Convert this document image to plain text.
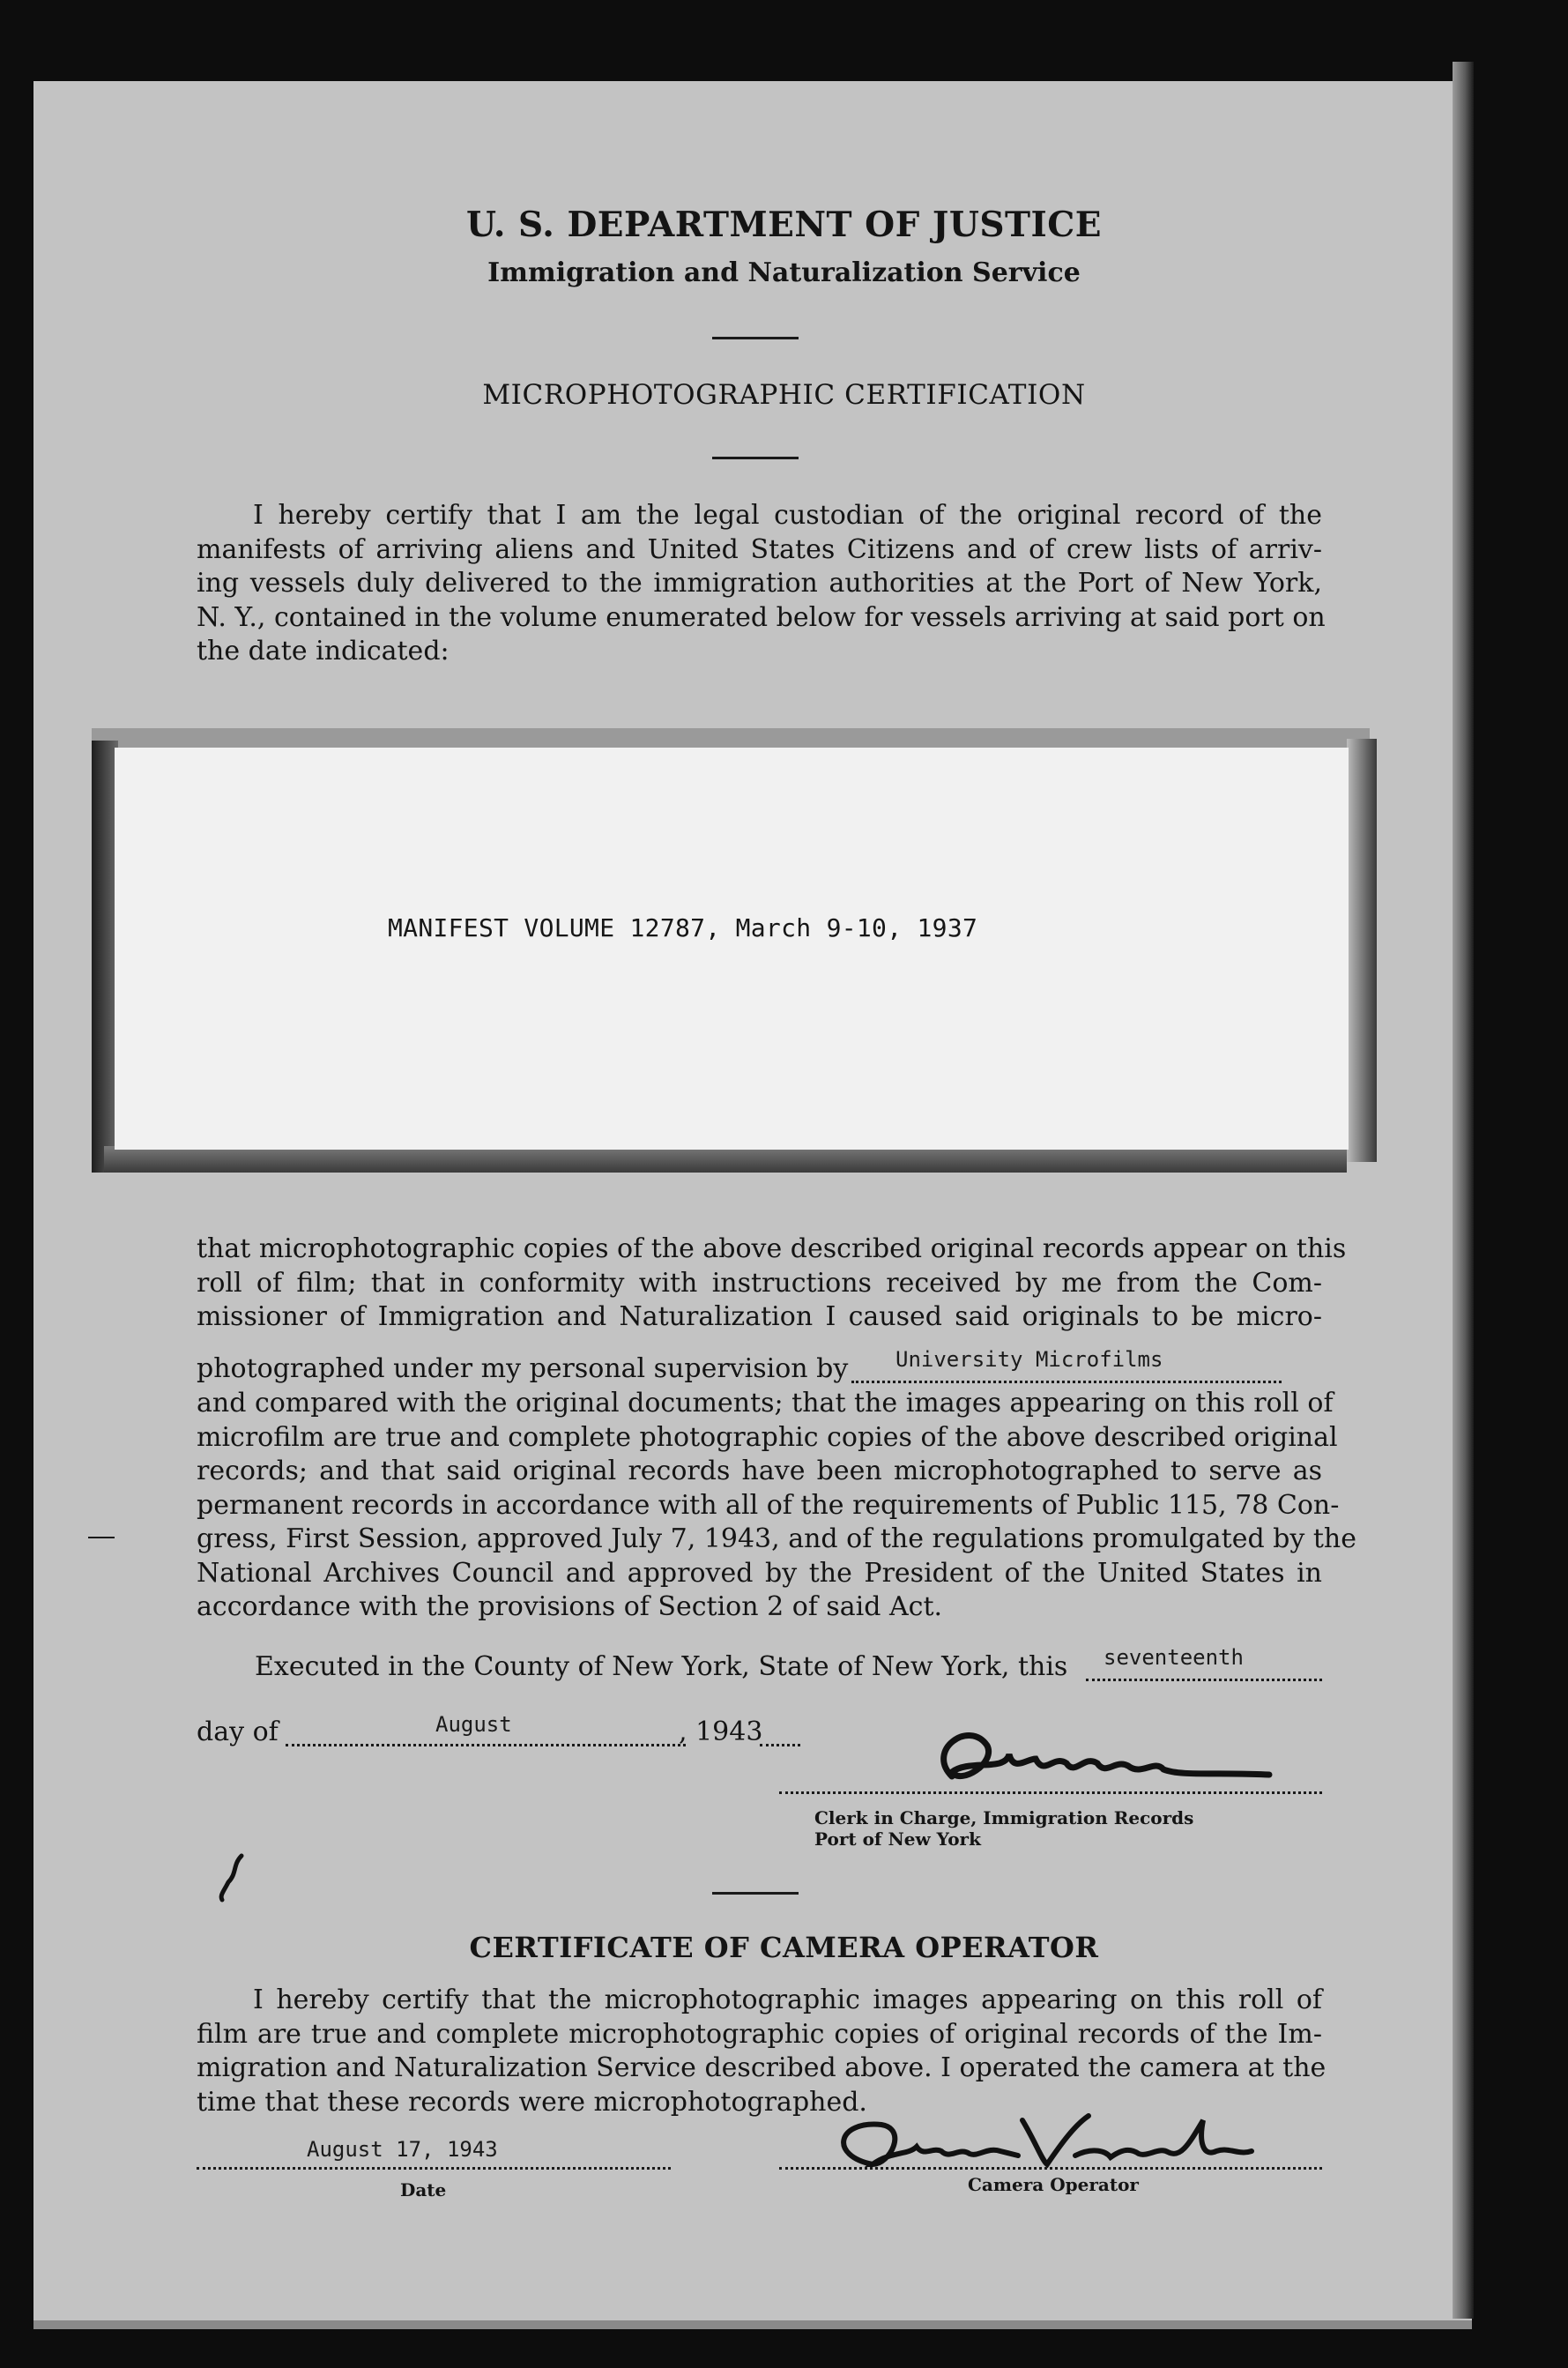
U. S. DEPARTMENT OF JUSTICE
Immigration and Naturalization Service
MICROPHOTOGRAPHIC CERTIFICATION
I hereby certify that I am the legal custodian of the original record of the
manifests of arriving aliens and United States Citizens and of crew lists of arriv-
ing vessels duly delivered to the immigration authorities at the Port of New York,
N. Y., contained in the volume enumerated below for vessels arriving at said port on
the date indicated:
MANIFEST VOLUME 12787, March 9-10, 1937
that microphotographic copies of the above described original records appear on this
roll of film; that in conformity with instructions received by me from the Com-
missioner of Immigration and Naturalization I caused said originals to be micro-
photographed under my personal supervision by	University Microfilms
and compared with the original documents; that the images appearing on this roll of
microfilm are true and complete photographic copies of the above described original
records; and that said original records have been microphotographed to serve as
permanent records in accordance with all of the requirements of Public 115, 78 Con-
gress, First Session, approved July 7, 1943, and of the regulations promulgated by the
National Archives Council and approved by the President of the United States in
accordance with the provisions of Section 2 of said Act.
Executed in the County of New York, State of New York, this seventeenth
day of	August	, 1943
Clerk in Charge, Immigration Records
Port of New York
CERTIFICATE OF CAMERA OPERATOR
I hereby certify that the microphotographic images appearing on this roll of
film are true and complete microphotographic copies of original records of the Im-
migration and Naturalization Service described above. I operated the camera at the
time that these records were microphotographed.
August 17, 1943
Date	Camera Operator
